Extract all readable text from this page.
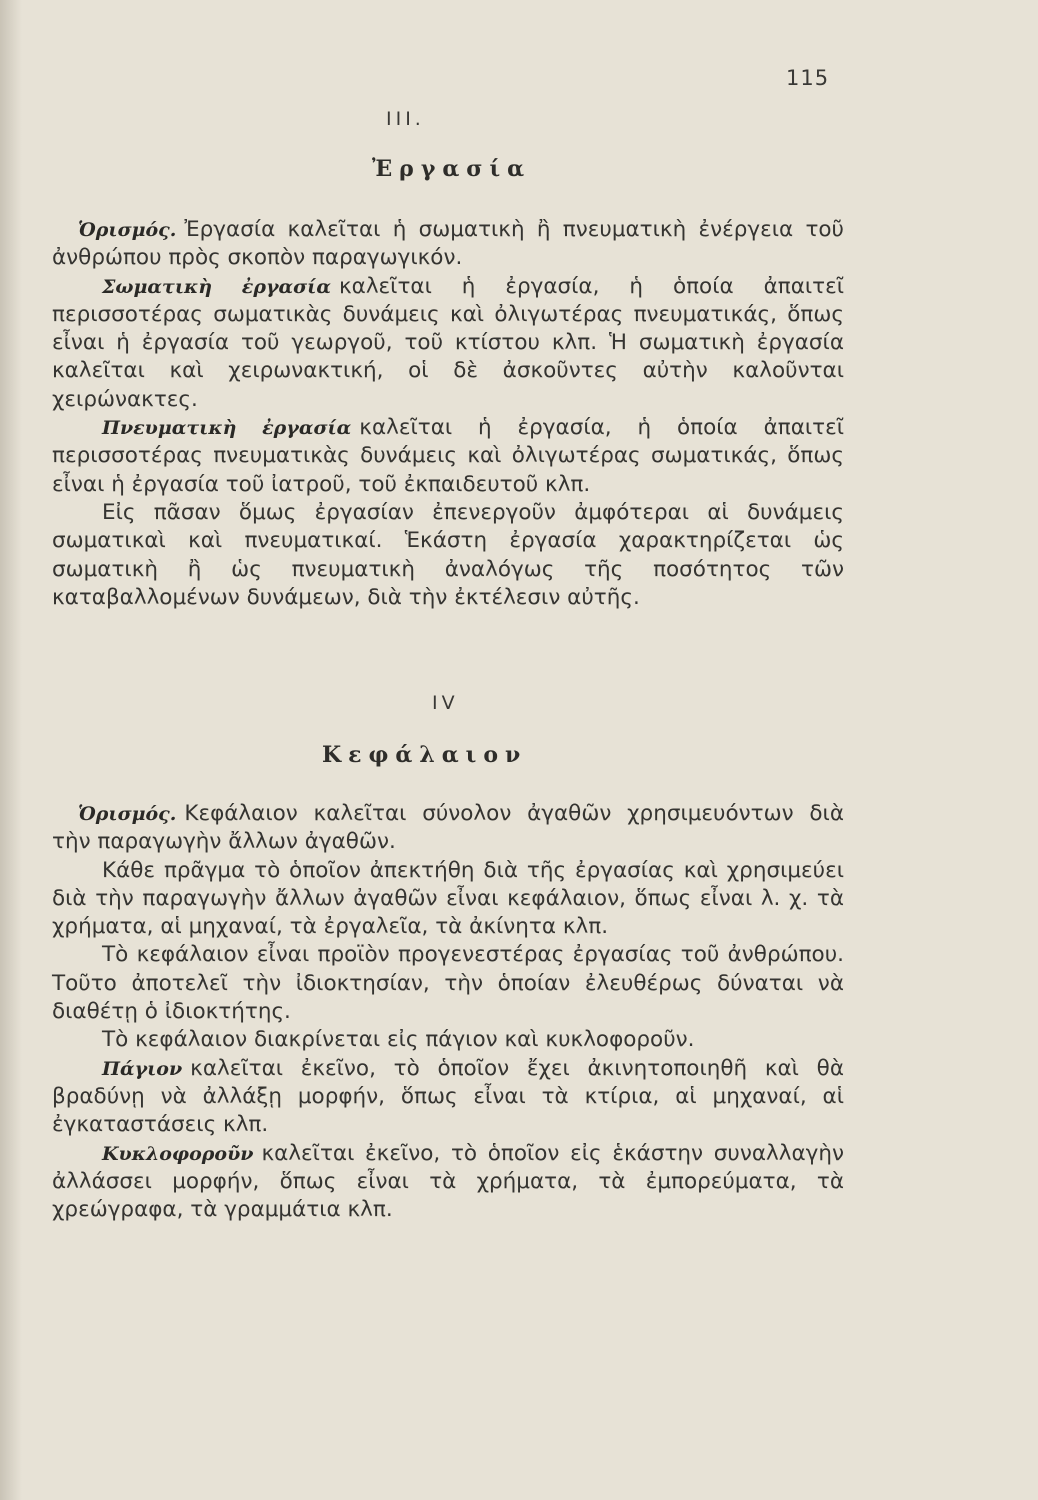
115
III.
Ἐργασία

Ὁρισμός. Ἐργασία καλεῖται ἡ σωματικὴ ἢ πνευματικὴ ἐνέργεια τοῦ ἀνθρώπου πρὸς σκοπὸν παραγωγικόν.

Σωματικὴ ἐργασία καλεῖται ἡ ἐργασία, ἡ ὁποία ἀπαιτεῖ περισσοτέρας σωματικὰς δυνάμεις καὶ ὀλιγωτέρας πνευματικάς, ὅπως εἶναι ἡ ἐργασία τοῦ γεωργοῦ, τοῦ κτίστου κλπ. Ἡ σωματικὴ ἐργασία καλεῖται καὶ χειρωνακτική, οἱ δὲ ἀσκοῦντες αὐτὴν καλοῦνται χειρώνακτες.

Πνευματικὴ ἐργασία καλεῖται ἡ ἐργασία, ἡ ὁποία ἀπαιτεῖ περισσοτέρας πνευματικὰς δυνάμεις καὶ ὀλιγωτέρας σωματικάς, ὅπως εἶναι ἡ ἐργασία τοῦ ἰατροῦ, τοῦ ἐκπαιδευτοῦ κλπ.

Εἰς πᾶσαν ὅμως ἐργασίαν ἐπενεργοῦν ἀμφότεραι αἱ δυνάμεις σωματικαὶ καὶ πνευματικαί. Ἑκάστη ἐργασία χαρακτηρίζεται ὡς σωματικὴ ἢ ὡς πνευματικὴ ἀναλόγως τῆς ποσότητος τῶν καταβαλλομένων δυνάμεων, διὰ τὴν ἐκτέλεσιν αὐτῆς.

IV
Κεφάλαιον

Ὁρισμός. Κεφάλαιον καλεῖται σύνολον ἀγαθῶν χρησιμευόντων διὰ τὴν παραγωγὴν ἄλλων ἀγαθῶν.

Κάθε πρᾶγμα τὸ ὁποῖον ἀπεκτήθη διὰ τῆς ἐργασίας καὶ χρησιμεύει διὰ τὴν παραγωγὴν ἄλλων ἀγαθῶν εἶναι κεφάλαιον, ὅπως εἶναι λ. χ. τὰ χρήματα, αἱ μηχαναί, τὰ ἐργαλεῖα, τὰ ἀκίνητα κλπ.

Τὸ κεφάλαιον εἶναι προϊὸν προγενεστέρας ἐργασίας τοῦ ἀνθρώπου. Τοῦτο ἀποτελεῖ τὴν ἰδιοκτησίαν, τὴν ὁποίαν ἐλευθέρως δύναται νὰ διαθέτῃ ὁ ἰδιοκτήτης.

Τὸ κεφάλαιον διακρίνεται εἰς πάγιον καὶ κυκλοφοροῦν.

Πάγιον καλεῖται ἐκεῖνο, τὸ ὁποῖον ἔχει ἀκινητοποιηθῆ καὶ θὰ βραδύνῃ νὰ ἀλλάξῃ μορφήν, ὅπως εἶναι τὰ κτίρια, αἱ μηχαναί, αἱ ἐγκαταστάσεις κλπ.

Κυκλοφοροῦν καλεῖται ἐκεῖνο, τὸ ὁποῖον εἰς ἑκάστην συναλλαγὴν ἀλλάσσει μορφήν, ὅπως εἶναι τὰ χρήματα, τὰ ἐμπορεύματα, τὰ χρεώγραφα, τὰ γραμμάτια κλπ.
